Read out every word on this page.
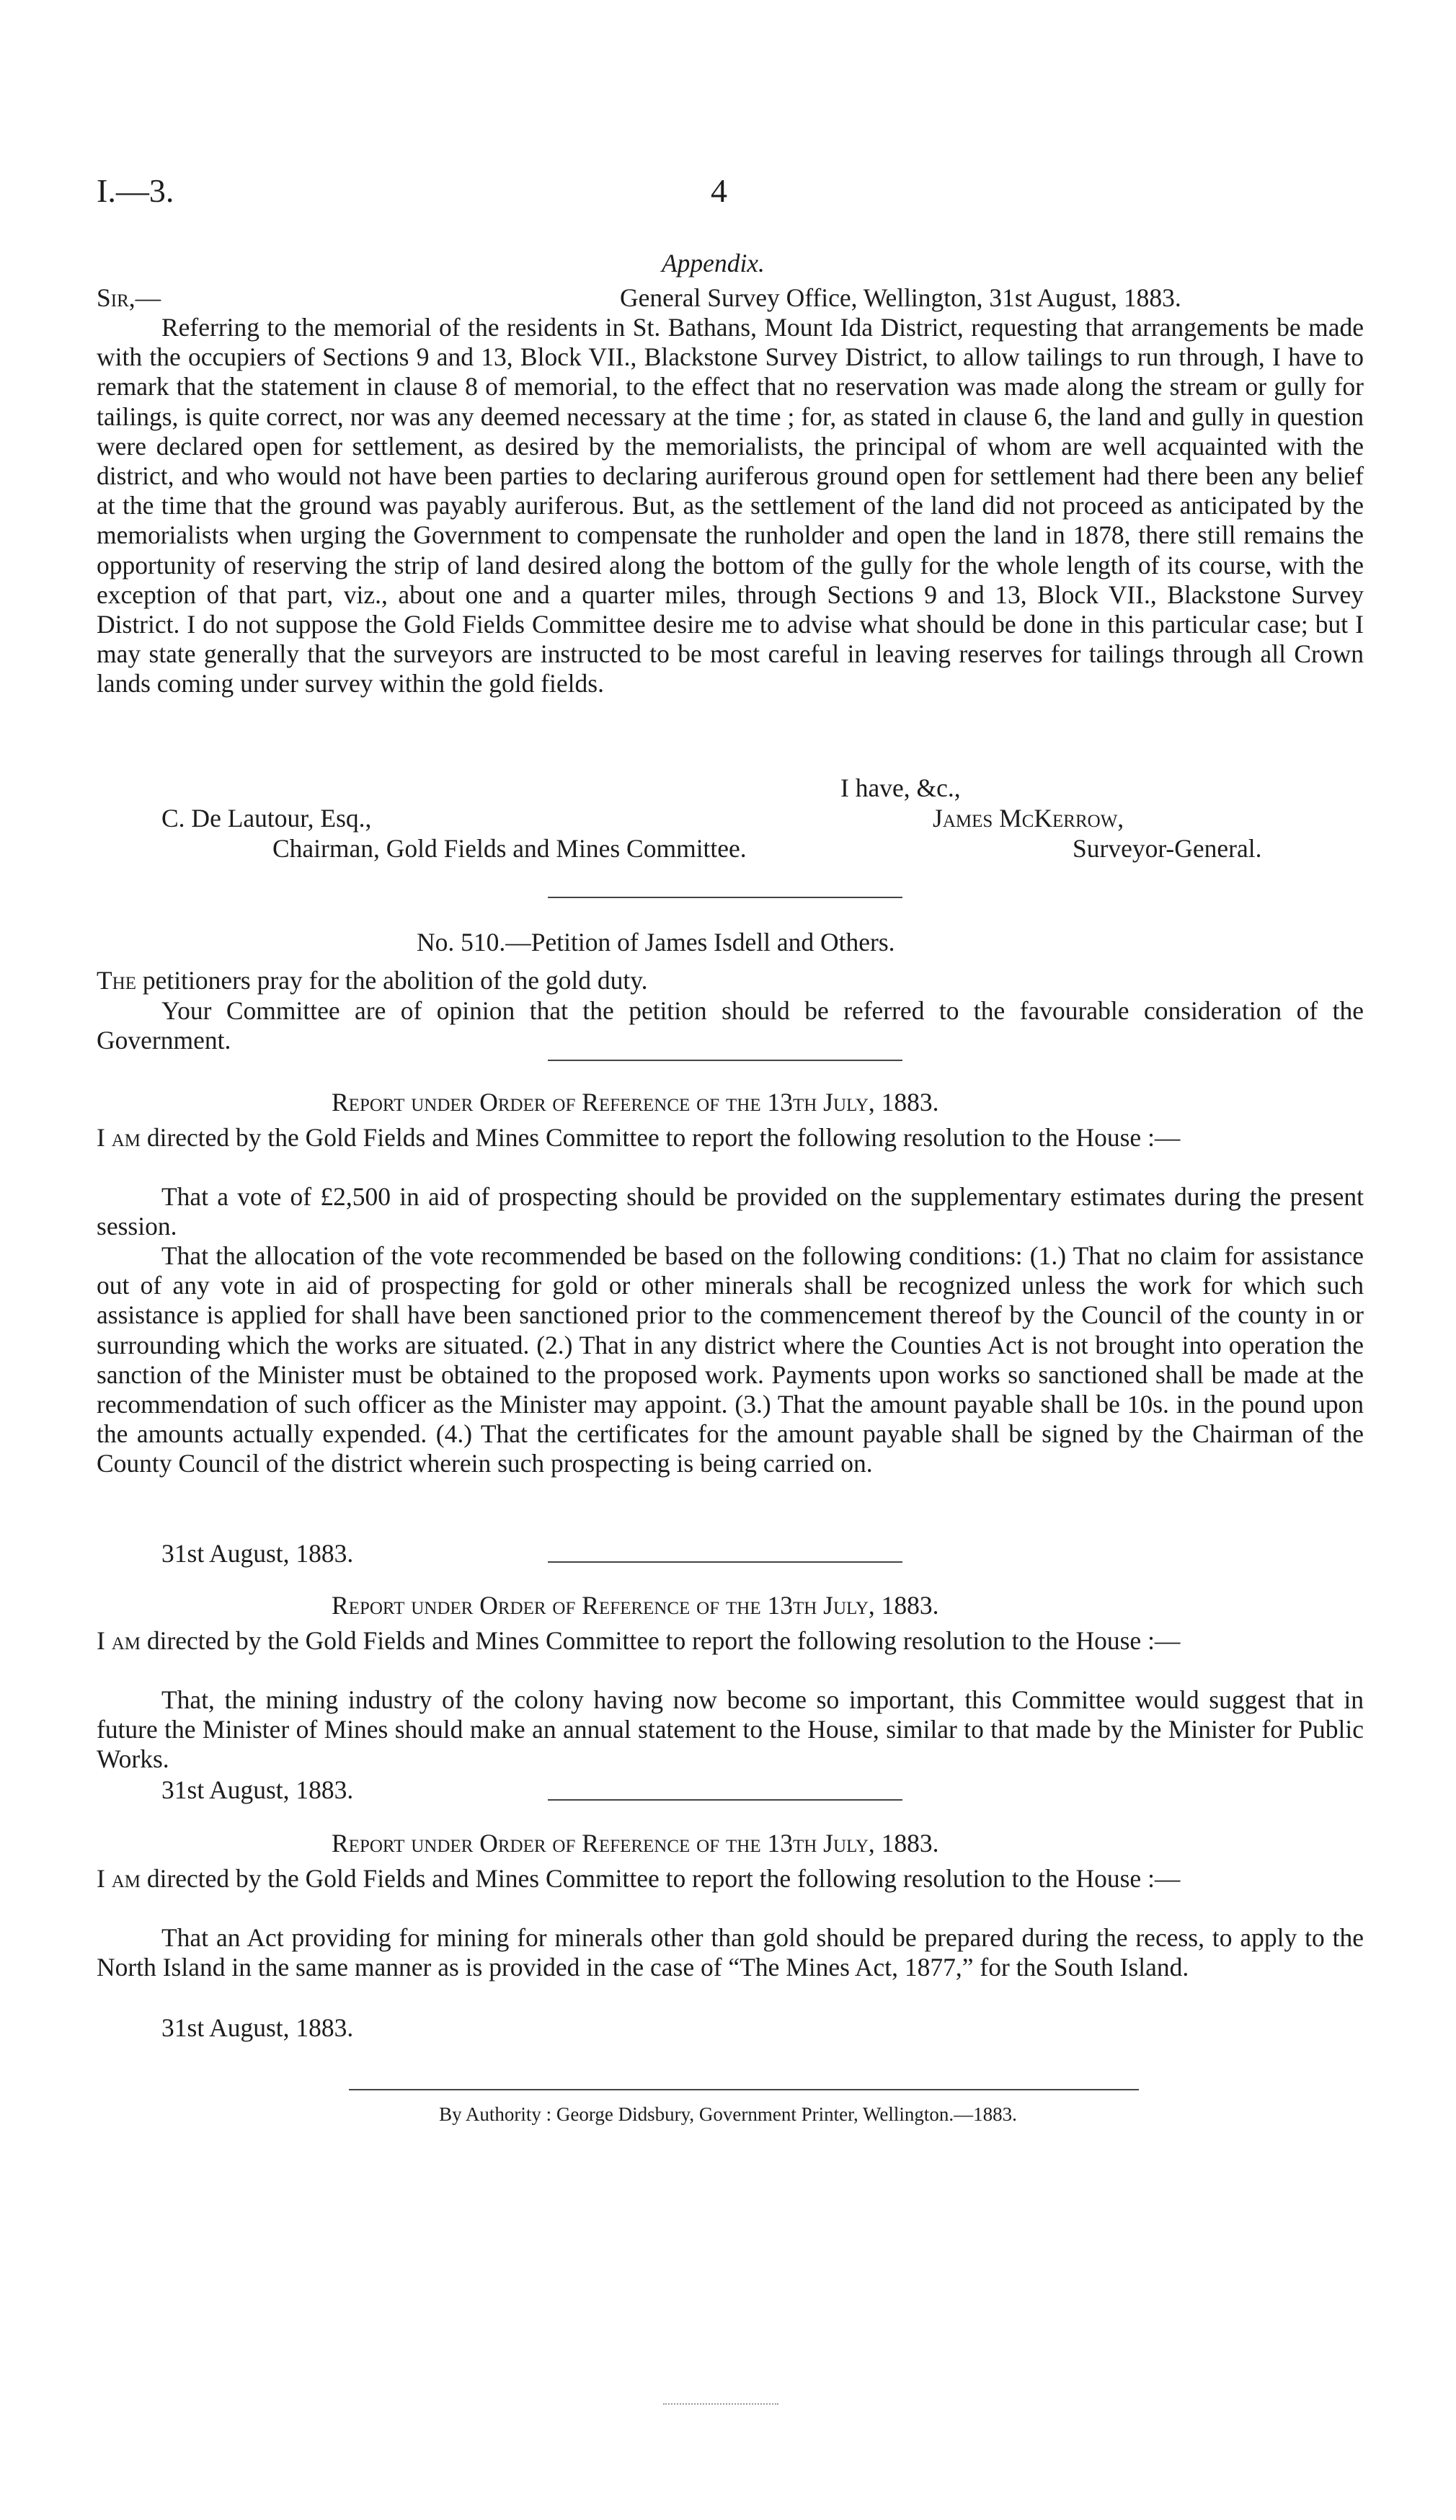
I.—3.	4
Appendix.
Sir,—	General Survey Office, Wellington, 31st August, 1883.
Referring to the memorial of the residents in St. Bathans, Mount Ida District, requesting that arrangements be made with the occupiers of Sections 9 and 13, Block VII., Blackstone Survey District, to allow tailings to run through, I have to remark that the statement in clause 8 of memorial, to the effect that no reservation was made along the stream or gully for tailings, is quite correct, nor was any deemed necessary at the time ; for, as stated in clause 6, the land and gully in question were declared open for settlement, as desired by the memorialists, the principal of whom are well acquainted with the district, and who would not have been parties to declaring auriferous ground open for settlement had there been any belief at the time that the ground was payably auriferous. But, as the settlement of the land did not proceed as anticipated by the memorialists when urging the Government to compensate the runholder and open the land in 1878, there still remains the opportunity of reserving the strip of land desired along the bottom of the gully for the whole length of its course, with the exception of that part, viz., about one and a quarter miles, through Sections 9 and 13, Block VII., Blackstone Survey District. I do not suppose the Gold Fields Committee desire me to advise what should be done in this particular case; but I may state generally that the surveyors are instructed to be most careful in leaving reserves for tailings through all Crown lands coming under survey within the gold fields.
I have, &c.,
C. De Lautour, Esq.,	James McKerrow,
Chairman, Gold Fields and Mines Committee.	Surveyor-General.
No. 510.—Petition of James Isdell and Others.
The petitioners pray for the abolition of the gold duty.
Your Committee are of opinion that the petition should be referred to the favourable consideration of the Government.
Report under Order of Reference of the 13th July, 1883.
I am directed by the Gold Fields and Mines Committee to report the following resolution to the House :—
That a vote of £2,500 in aid of prospecting should be provided on the supplementary estimates during the present session.
That the allocation of the vote recommended be based on the following conditions: (1.) That no claim for assistance out of any vote in aid of prospecting for gold or other minerals shall be recognized unless the work for which such assistance is applied for shall have been sanctioned prior to the commencement thereof by the Council of the county in or surrounding which the works are situated. (2.) That in any district where the Counties Act is not brought into operation the sanction of the Minister must be obtained to the proposed work. Payments upon works so sanctioned shall be made at the recommendation of such officer as the Minister may appoint. (3.) That the amount payable shall be 10s. in the pound upon the amounts actually expended. (4.) That the certificates for the amount payable shall be signed by the Chairman of the County Council of the district wherein such prospecting is being carried on.
31st August, 1883.
Report under Order of Reference of the 13th July, 1883.
I am directed by the Gold Fields and Mines Committee to report the following resolution to the House :—
That, the mining industry of the colony having now become so important, this Committee would suggest that in future the Minister of Mines should make an annual statement to the House, similar to that made by the Minister for Public Works.
31st August, 1883.
Report under Order of Reference of the 13th July, 1883.
I am directed by the Gold Fields and Mines Committee to report the following resolution to the House :—
That an Act providing for mining for minerals other than gold should be prepared during the recess, to apply to the North Island in the same manner as is provided in the case of “The Mines Act, 1877,” for the South Island.
31st August, 1883.
By Authority : George Didsbury, Government Printer, Wellington.—1883.
